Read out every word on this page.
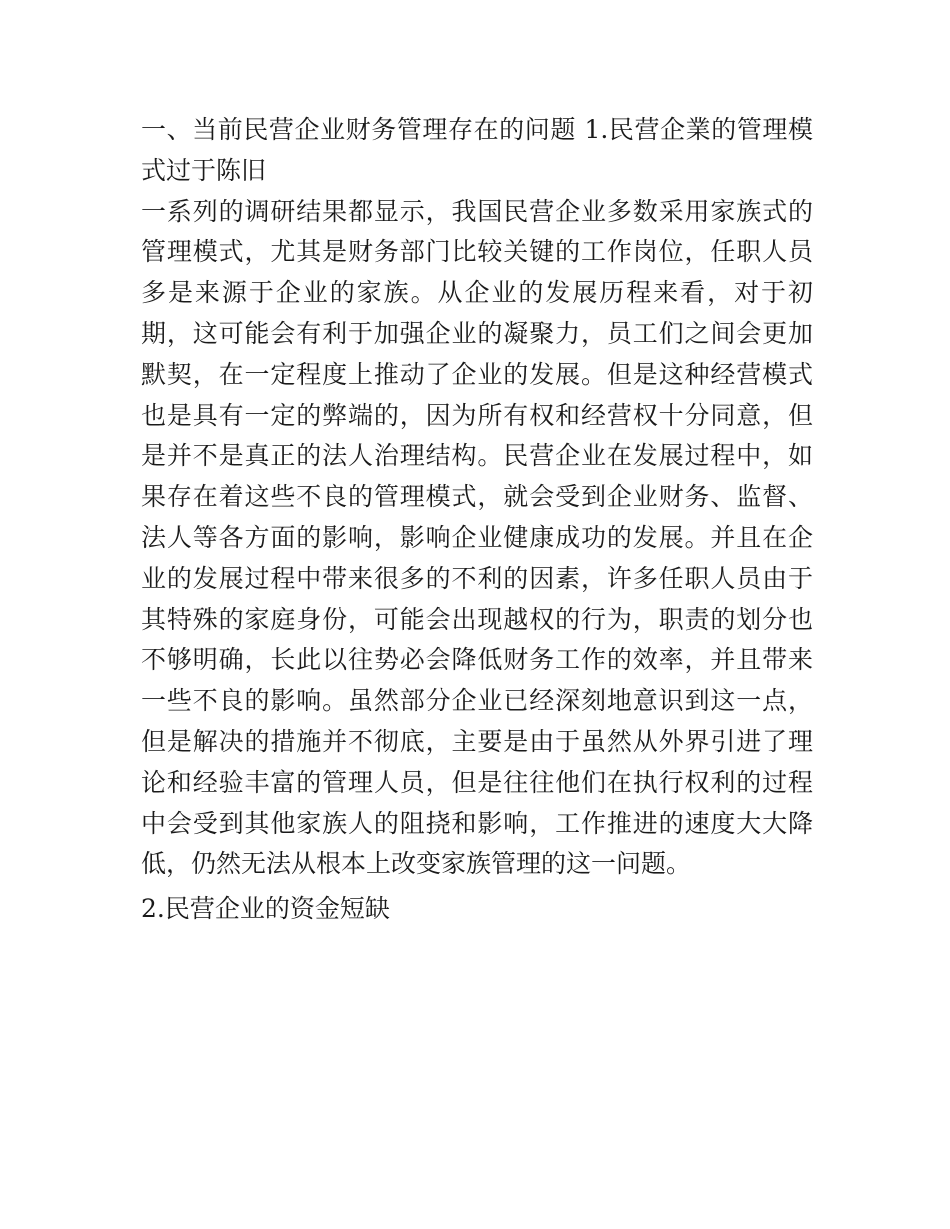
一、当前民营企业财务管理存在的问题 1.民营企業的管理模式过于陈旧

一系列的调研结果都显示，我国民营企业多数采用家族式的管理模式，尤其是财务部门比较关键的工作岗位，任职人员多是来源于企业的家族。从企业的发展历程来看，对于初期，这可能会有利于加强企业的凝聚力，员工们之间会更加默契，在一定程度上推动了企业的发展。但是这种经营模式也是具有一定的弊端的，因为所有权和经营权十分同意，但是并不是真正的法人治理结构。民营企业在发展过程中，如果存在着这些不良的管理模式，就会受到企业财务、监督、法人等各方面的影响，影响企业健康成功的发展。并且在企业的发展过程中带来很多的不利的因素，许多任职人员由于其特殊的家庭身份，可能会出现越权的行为，职责的划分也不够明确，长此以往势必会降低财务工作的效率，并且带来一些不良的影响。虽然部分企业已经深刻地意识到这一点，但是解决的措施并不彻底，主要是由于虽然从外界引进了理论和经验丰富的管理人员，但是往往他们在执行权利的过程中会受到其他家族人的阻挠和影响，工作推进的速度大大降低，仍然无法从根本上改变家族管理的这一问题。

2.民营企业的资金短缺
